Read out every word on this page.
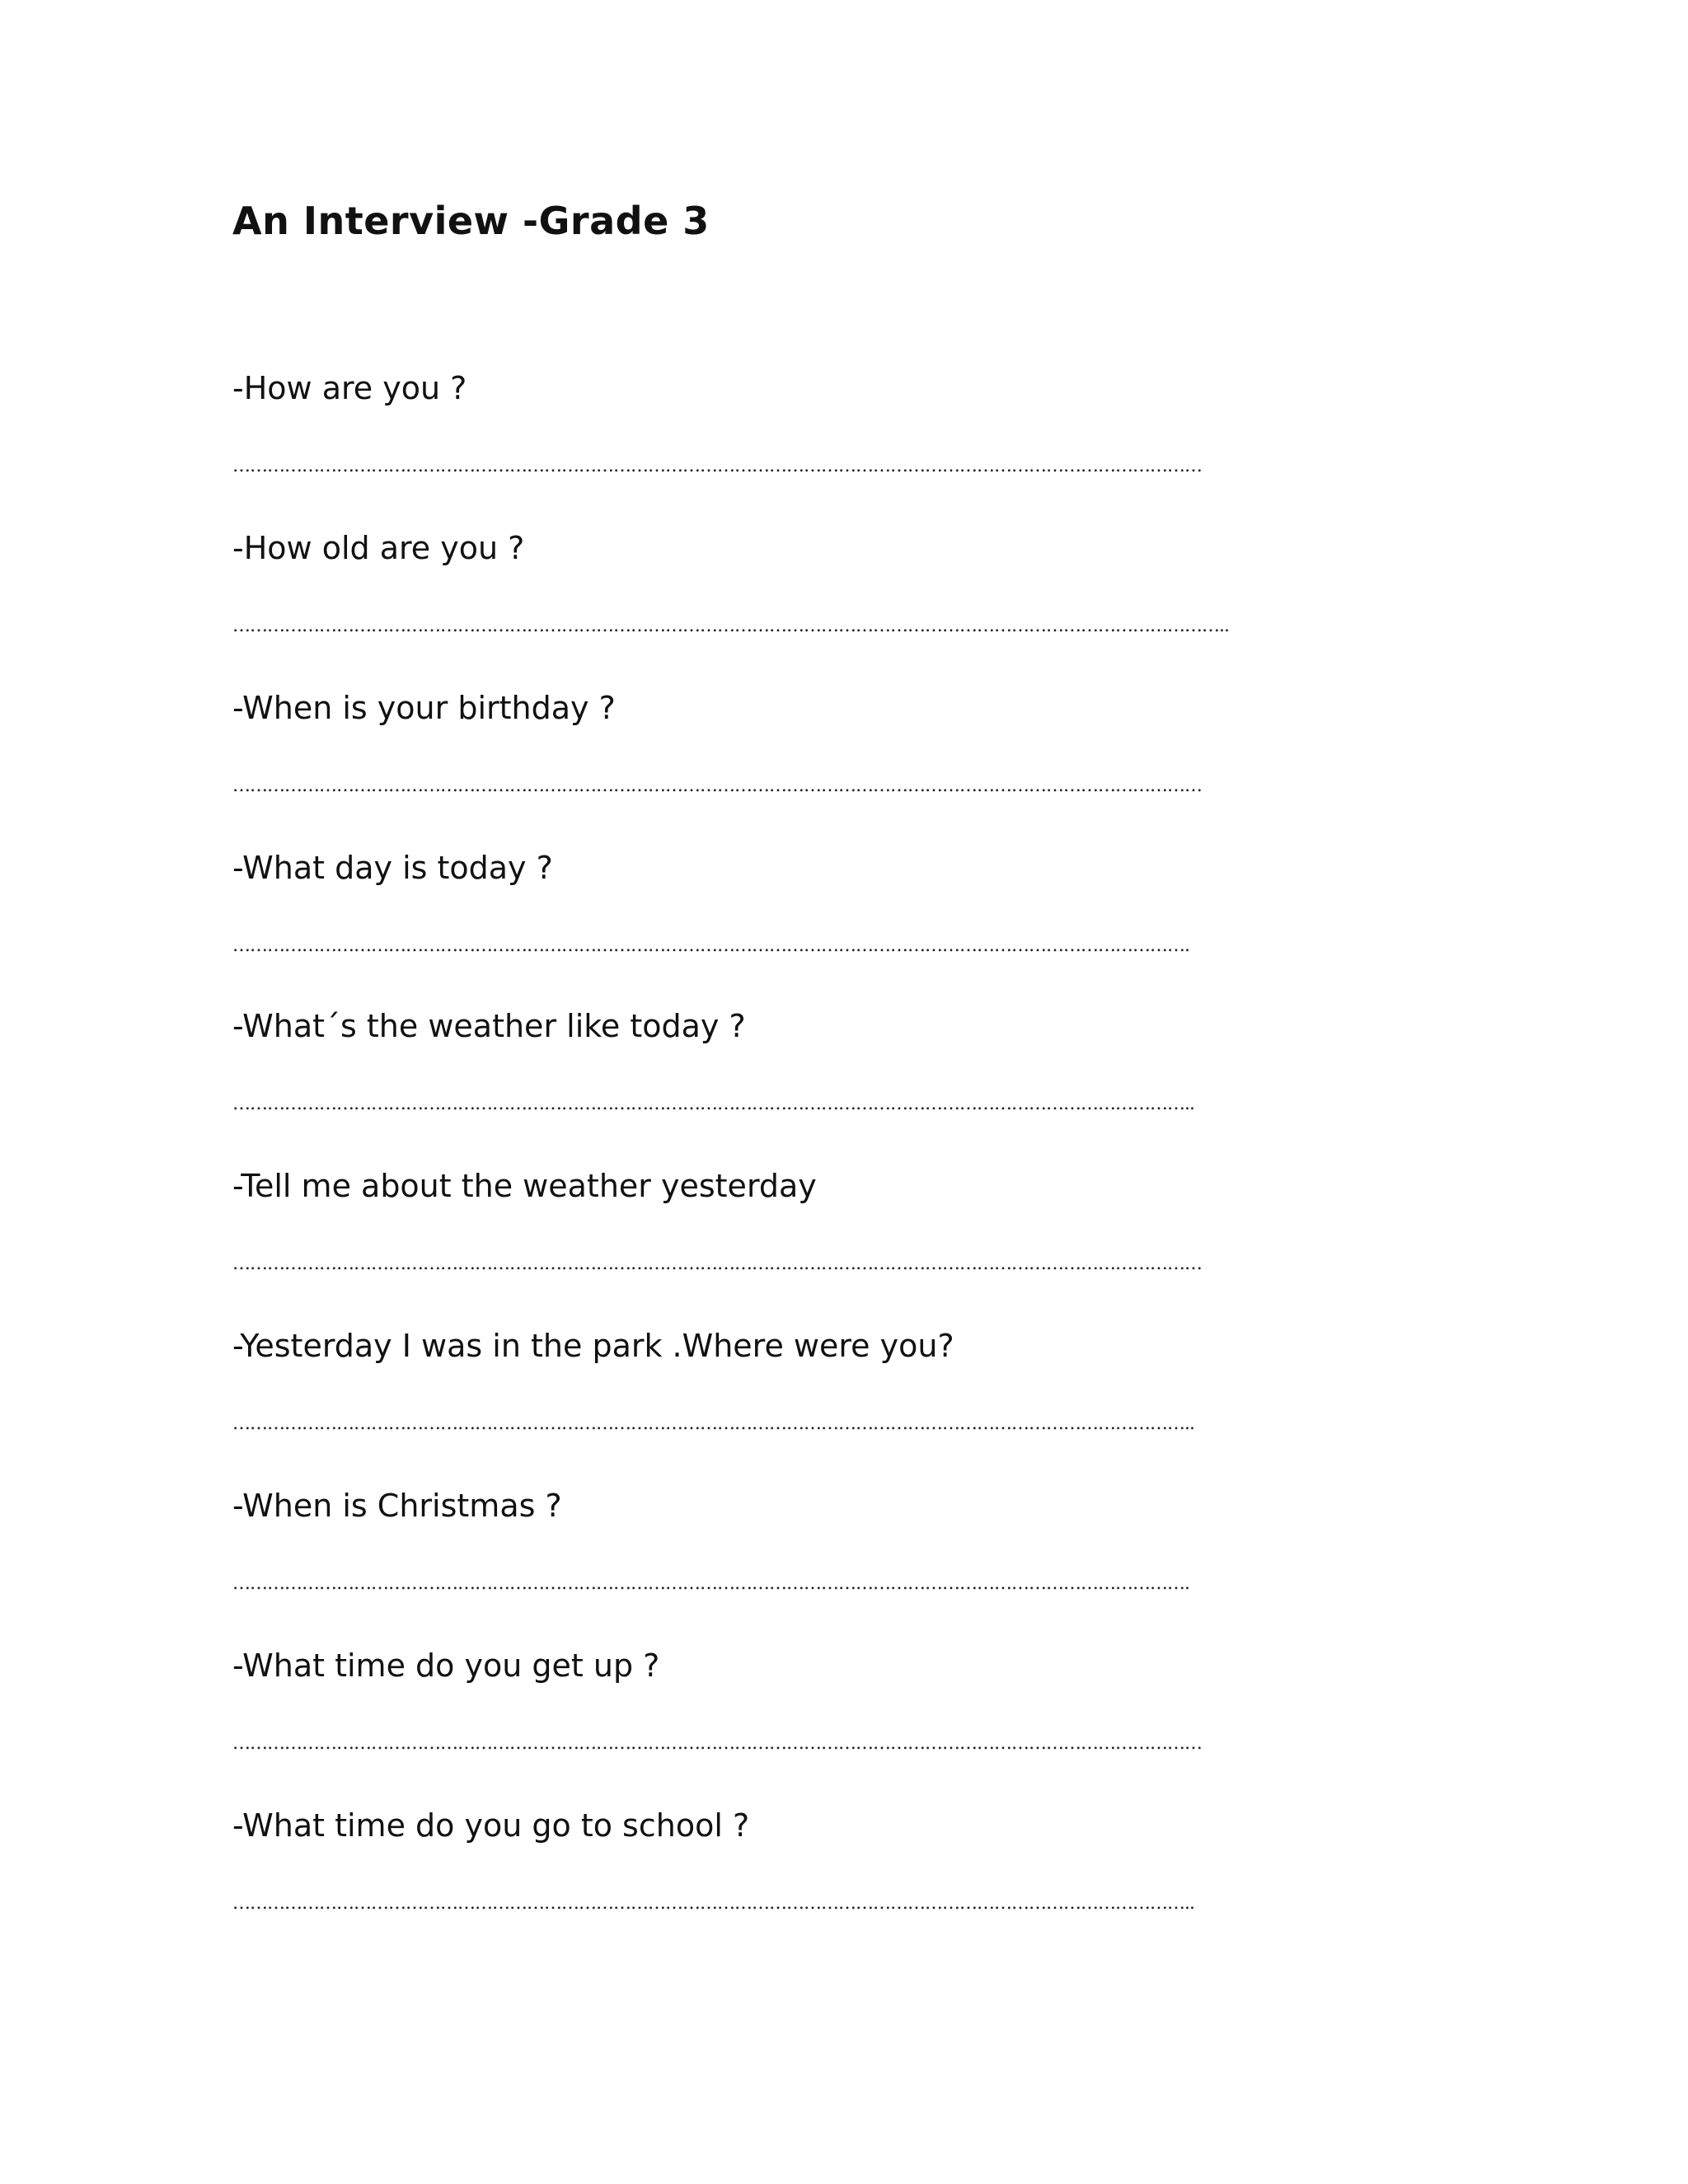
An Interview -Grade 3
-How are you ?
……………………………………………………………………………………………………………………………………………………
-How old are you ?
………………………………………………………………………………………………………………………………………………………..
-When is your birthday ?
……………………………………………………………………………………………………………………………………………………
-What day is today ?
………………………………………………………………………………………………………………………………………………….
-What´s the weather like today ?
…………………………………………………………………………………………………………………………………………………..
-Tell me about the weather yesterday
……………………………………………………………………………………………………………………………………………………
-Yesterday I was in the park .Where were you?
…………………………………………………………………………………………………………………………………………………..
-When is Christmas ?
………………………………………………………………………………………………………………………………………………….
-What time do you get up ?
……………………………………………………………………………………………………………………………………………………
-What time do you go to school ?
…………………………………………………………………………………………………………………………………………………..
